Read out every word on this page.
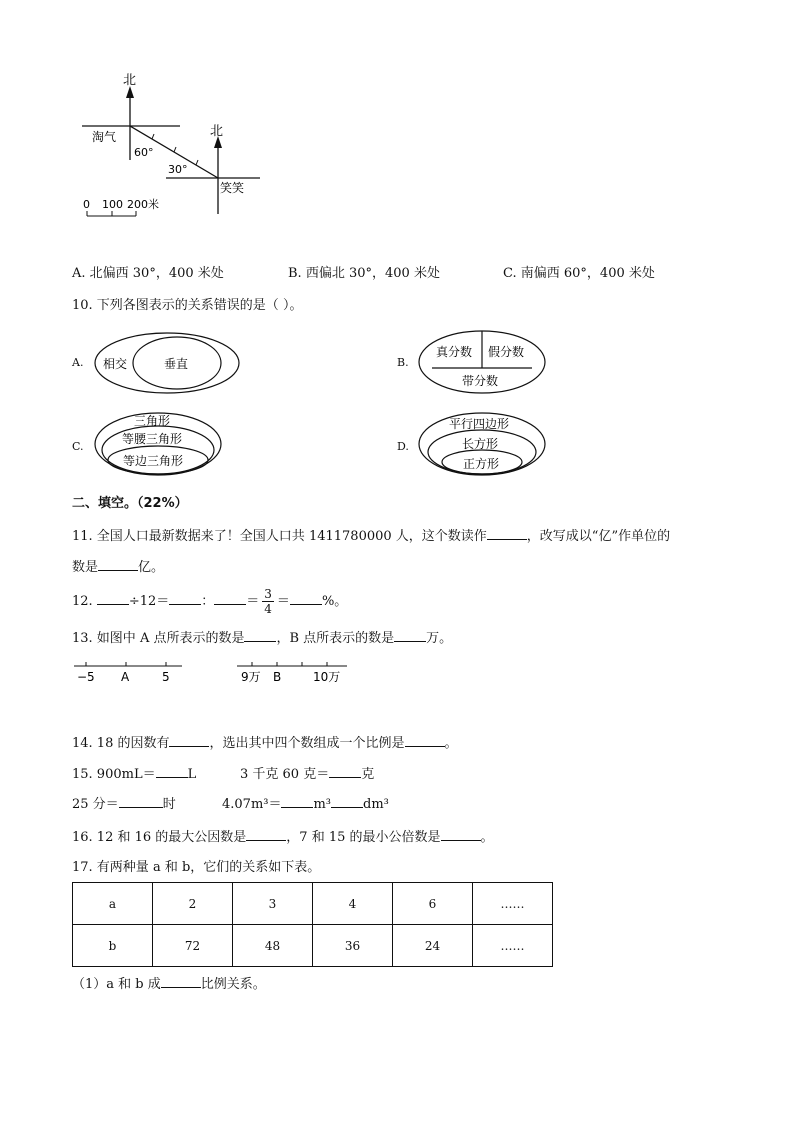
北
北
淘气
60°
30°
笑笑
0 100 200米
A. 北偏西 30°，400 米处	B. 西偏北 30°，400 米处	C. 南偏西 60°，400 米处
10. 下列各图表示的关系错误的是（ ）。
A. 相交	垂直	B.
真分数 假分数
带分数
C.
三角形
等腰三角形
等边三角形
D.
平行四边形
长方形
正方形
二、填空。（22%）
11. 全国人口最新数据来了！全国人口共 1411780000 人，这个数读作	，改写成以“亿”作单位的
数是	亿。
12. ÷12＝ ： ＝ $\frac{3}{4}$ ＝ %。
13. 如图中 A 点所表示的数是 ，B 点所表示的数是 万。
−5 A	5	9万 B	10万
14. 18 的因数有	，选出其中四个数组成一个比例是	。
15. 900mL＝ L	3 千克 60 克＝ 克
25 分＝	时	4.07m³＝ m³ dm³
16. 12 和 16 的最大公因数是	，7 和 15 的最小公倍数是	。
17. 有两种量 a 和 b，它们的关系如下表。
a	2	3	4	6	……
b	72	48	36	24	……
（1）a 和 b 成	比例关系。
